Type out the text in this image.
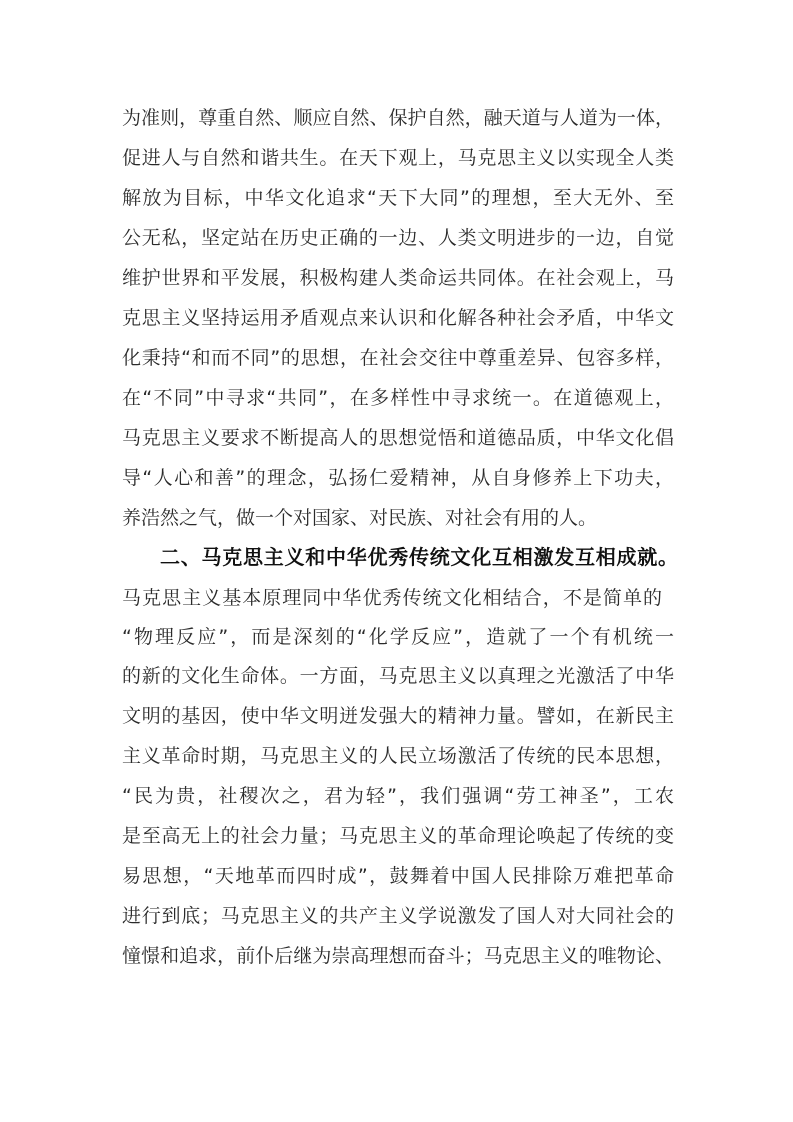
为准则，尊重自然、顺应自然、保护自然，融天道与人道为一体，
促进人与自然和谐共生。在天下观上，马克思主义以实现全人类
解放为目标，中华文化追求“天下大同”的理想，至大无外、至
公无私，坚定站在历史正确的一边、人类文明进步的一边，自觉
维护世界和平发展，积极构建人类命运共同体。在社会观上，马
克思主义坚持运用矛盾观点来认识和化解各种社会矛盾，中华文
化秉持“和而不同”的思想，在社会交往中尊重差异、包容多样，
在“不同”中寻求“共同”，在多样性中寻求统一。在道德观上，
马克思主义要求不断提高人的思想觉悟和道德品质，中华文化倡
导“人心和善”的理念，弘扬仁爱精神，从自身修养上下功夫，
养浩然之气，做一个对国家、对民族、对社会有用的人。
二、马克思主义和中华优秀传统文化互相激发互相成就。
马克思主义基本原理同中华优秀传统文化相结合，不是简单的
“物理反应”，而是深刻的“化学反应”，造就了一个有机统一
的新的文化生命体。一方面，马克思主义以真理之光激活了中华
文明的基因，使中华文明迸发强大的精神力量。譬如，在新民主
主义革命时期，马克思主义的人民立场激活了传统的民本思想，
“民为贵，社稷次之，君为轻”，我们强调“劳工神圣”，工农
是至高无上的社会力量；马克思主义的革命理论唤起了传统的变
易思想，“天地革而四时成”，鼓舞着中国人民排除万难把革命
进行到底；马克思主义的共产主义学说激发了国人对大同社会的
憧憬和追求，前仆后继为崇高理想而奋斗；马克思主义的唯物论、
